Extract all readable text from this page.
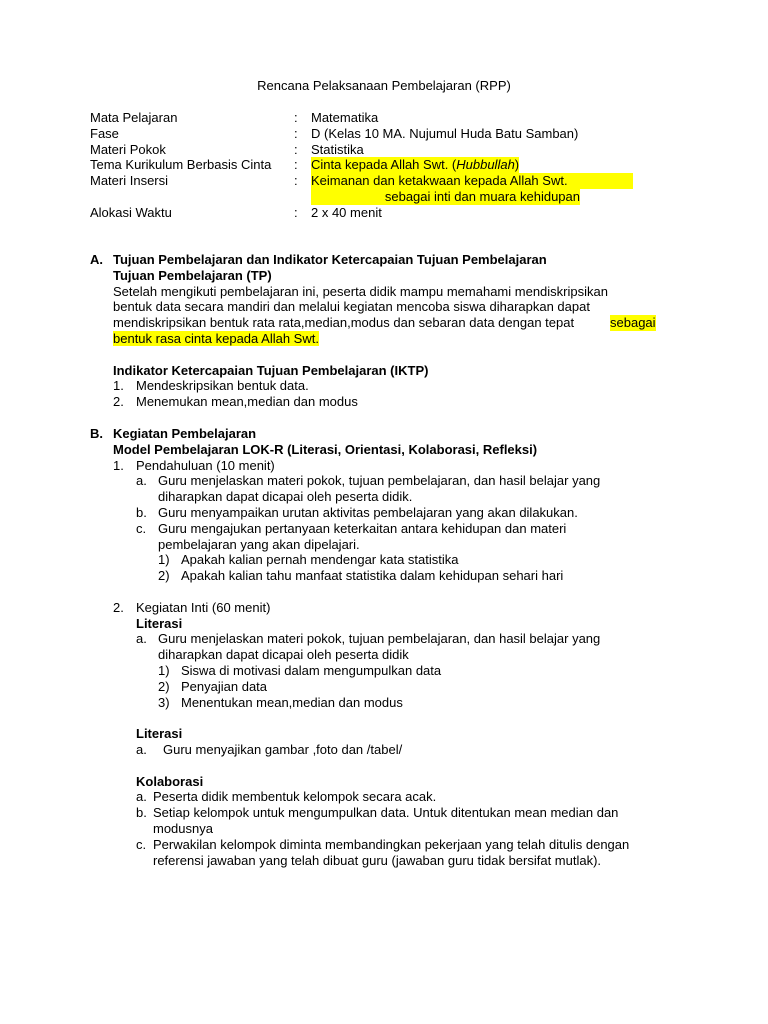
Rencana Pelaksanaan Pembelajaran (RPP)
Mata Pelajaran	: Matematika
Fase	: D (Kelas 10 MA. Nujumul Huda Batu Samban)
Materi Pokok	: Statistika
Tema Kurikulum Berbasis Cinta : Cinta kepada Allah Swt. (Hubbullah)
Materi Insersi	: Keimanan dan ketakwaan kepada Allah Swt.
sebagai inti dan muara kehidupan
Alokasi Waktu	: 2 x 40 menit
A. Tujuan Pembelajaran dan Indikator Ketercapaian Tujuan Pembelajaran
Tujuan Pembelajaran (TP)
Setelah mengikuti pembelajaran ini, peserta didik mampu memahami mendiskripsikan
bentuk data secara mandiri dan melalui kegiatan mencoba siswa diharapkan dapat
mendiskripsikan bentuk rata rata,median,modus dan sebaran data dengan tepat	sebagai
bentuk rasa cinta kepada Allah Swt.
Indikator Ketercapaian Tujuan Pembelajaran (IKTP)
1. Mendeskripsikan bentuk data.
2. Menemukan mean,median dan modus
B. Kegiatan Pembelajaran
Model Pembelajaran LOK-R (Literasi, Orientasi, Kolaborasi, Refleksi)
1. Pendahuluan (10 menit)
a. Guru menjelaskan materi pokok, tujuan pembelajaran, dan hasil belajar yang
diharapkan dapat dicapai oleh peserta didik.
b. Guru menyampaikan urutan aktivitas pembelajaran yang akan dilakukan.
c. Guru mengajukan pertanyaan keterkaitan antara kehidupan dan materi
pembelajaran yang akan dipelajari.
1) Apakah kalian pernah mendengar kata statistika
2) Apakah kalian tahu manfaat statistika dalam kehidupan sehari hari
2. Kegiatan Inti (60 menit)
Literasi
a. Guru menjelaskan materi pokok, tujuan pembelajaran, dan hasil belajar yang
diharapkan dapat dicapai oleh peserta didik
1) Siswa di motivasi dalam mengumpulkan data
2) Penyajian data
3) Menentukan mean,median dan modus
Literasi
a. Guru menyajikan gambar ,foto dan /tabel/
Kolaborasi
a. Peserta didik membentuk kelompok secara acak.
b. Setiap kelompok untuk mengumpulkan data. Untuk ditentukan mean median dan
modusnya
c. Perwakilan kelompok diminta membandingkan pekerjaan yang telah ditulis dengan
referensi jawaban yang telah dibuat guru (jawaban guru tidak bersifat mutlak).
